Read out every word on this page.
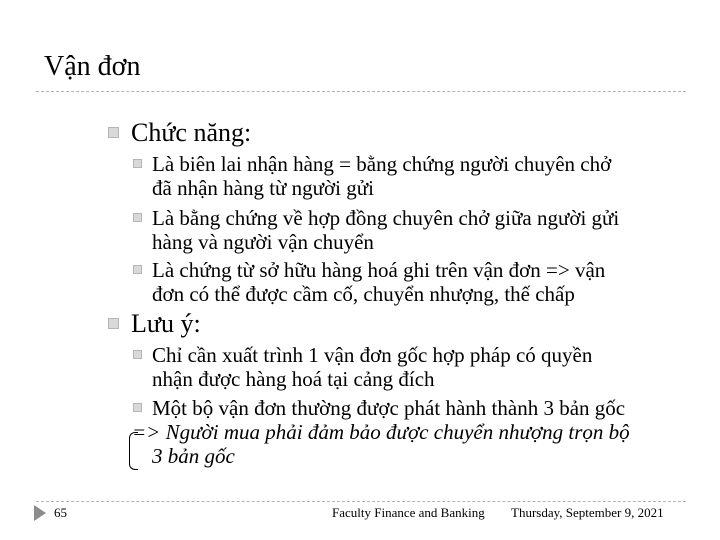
Vận đơn
Chức năng:
Là biên lai nhận hàng = bằng chứng người chuyên chở
đã nhận hàng từ người gửi
Là bằng chứng về hợp đồng chuyên chở giữa người gửi
hàng và người vận chuyển
Là chứng từ sở hữu hàng hoá ghi trên vận đơn => vận
đơn có thể được cầm cố, chuyển nhượng, thế chấp
Lưu ý:
Chỉ cần xuất trình 1 vận đơn gốc hợp pháp có quyền
nhận được hàng hoá tại cảng đích
Một bộ vận đơn thường được phát hành thành 3 bản gốc
=> Người mua phải đảm bảo được chuyển nhượng trọn bộ
3 bản gốc
65	Faculty Finance and Banking Thursday, September 9, 2021
